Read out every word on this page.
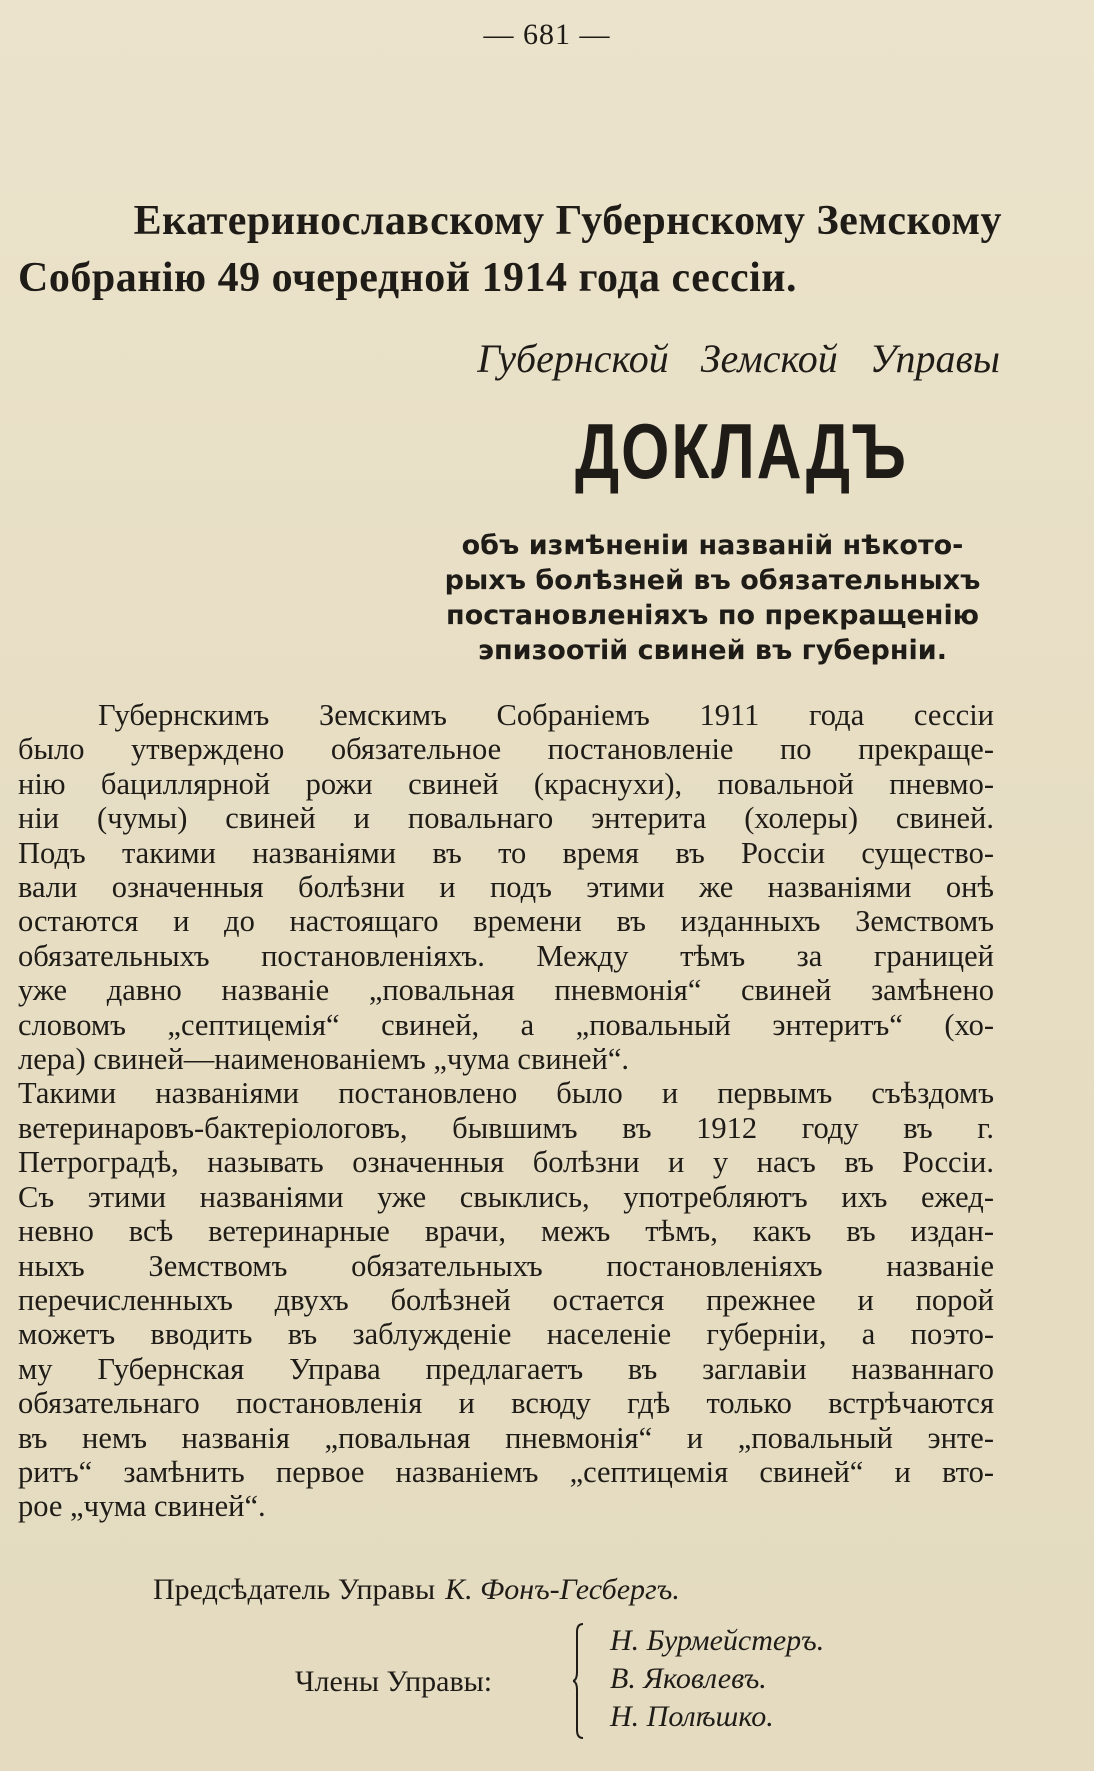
— 681 —
Екатеринославскому Губернскому Земскому
Собранію 49 очередной 1914 года сессіи.
Губернской Земской Управы
ДОКЛАДЪ
объ измѣненіи названій нѣкото-
рыхъ болѣзней въ обязательныхъ
постановленіяхъ по прекращенію
эпизоотій свиней въ губерніи.
Губернскимъ Земскимъ Собраніемъ 1911 года сессіи
было утверждено обязательное постановленіе по прекраще-
нію бациллярной рожи свиней (краснухи), повальной пневмо-
ніи (чумы) свиней и повальнаго энтерита (холеры) свиней.
Подъ такими названіями въ то время въ Россіи существо-
вали означенныя болѣзни и подъ этими же названіями онѣ
остаются и до настоящаго времени въ изданныхъ Земствомъ
обязательныхъ постановленіяхъ. Между тѣмъ за границей
уже давно названіе „повальная пневмонія“ свиней замѣнено
словомъ „септицемія“ свиней, а „повальный энтеритъ“ (хо-
лера) свиней—наименованіемъ „чума свиней“.
Такими названіями постановлено было и первымъ съѣздомъ
ветеринаровъ-бактеріологовъ, бывшимъ въ 1912 году въ г.
Петроградѣ, называть означенныя болѣзни и у насъ въ Россіи.
Съ этими названіями уже свыклись, употребляютъ ихъ ежед-
невно всѣ ветеринарные врачи, межъ тѣмъ, какъ въ издан-
ныхъ Земствомъ обязательныхъ постановленіяхъ названіе
перечисленныхъ двухъ болѣзней остается прежнее и порой
можетъ вводить въ заблужденіе населеніе губерніи, а поэто-
му Губернская Управа предлагаетъ въ заглавіи названнаго
обязательнаго постановленія и всюду гдѣ только встрѣчаются
въ немъ названія „повальная пневмонія“ и „повальный энте-
ритъ“ замѣнить первое названіемъ „септицемія свиней“ и вто-
рое „чума свиней“.
Предсѣдатель Управы К. Фонъ-Гесбергъ.
Члены Управы:
Н. Бурмейстеръ.
В. Яковлевъ.
Н. Полѣшко.
